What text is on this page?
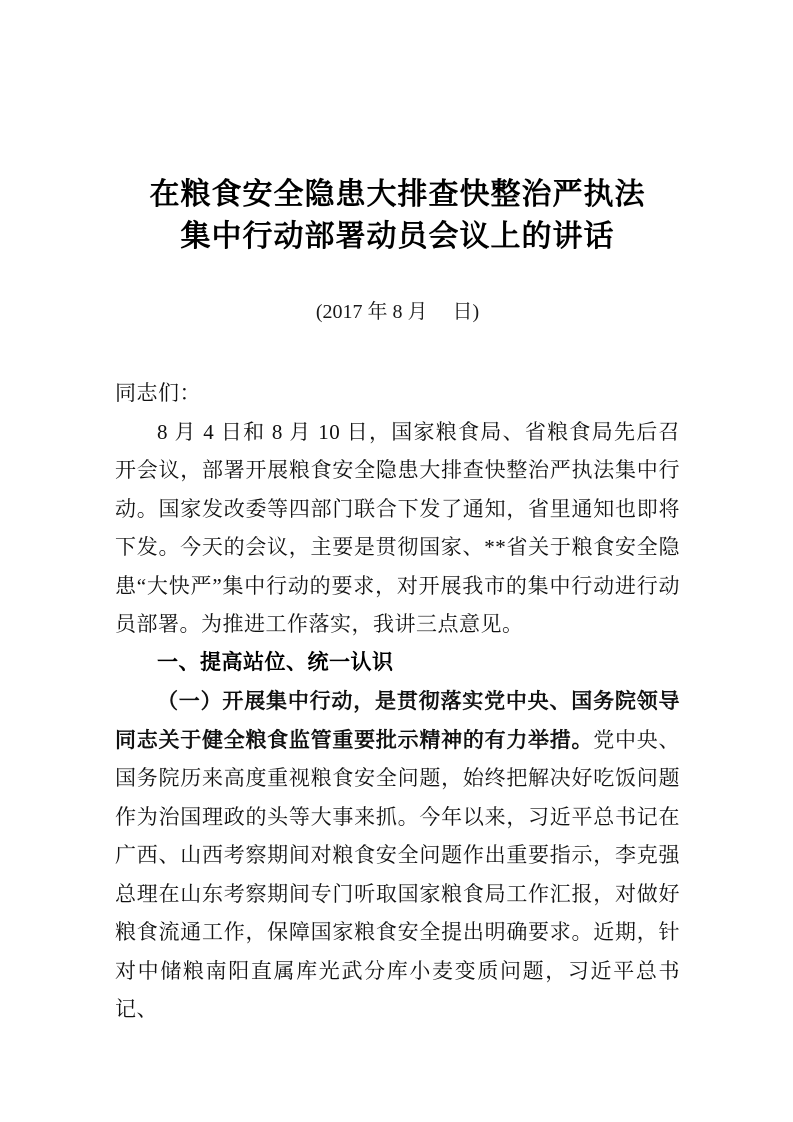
在粮食安全隐患大排查快整治严执法
集中行动部署动员会议上的讲话

(2017 年 8 月　 日)

同志们：

8 月 4 日和 8 月 10 日，国家粮食局、省粮食局先后召开会议，部署开展粮食安全隐患大排查快整治严执法集中行动。国家发改委等四部门联合下发了通知，省里通知也即将下发。今天的会议，主要是贯彻国家、**省关于粮食安全隐患“大快严”集中行动的要求，对开展我市的集中行动进行动员部署。为推进工作落实，我讲三点意见。

一、提高站位、统一认识

（一）开展集中行动，是贯彻落实党中央、国务院领导同志关于健全粮食监管重要批示精神的有力举措。党中央、国务院历来高度重视粮食安全问题，始终把解决好吃饭问题作为治国理政的头等大事来抓。今年以来，习近平总书记在广西、山西考察期间对粮食安全问题作出重要指示，李克强总理在山东考察期间专门听取国家粮食局工作汇报，对做好粮食流通工作，保障国家粮食安全提出明确要求。近期，针对中储粮南阳直属库光武分库小麦变质问题，习近平总书记、
